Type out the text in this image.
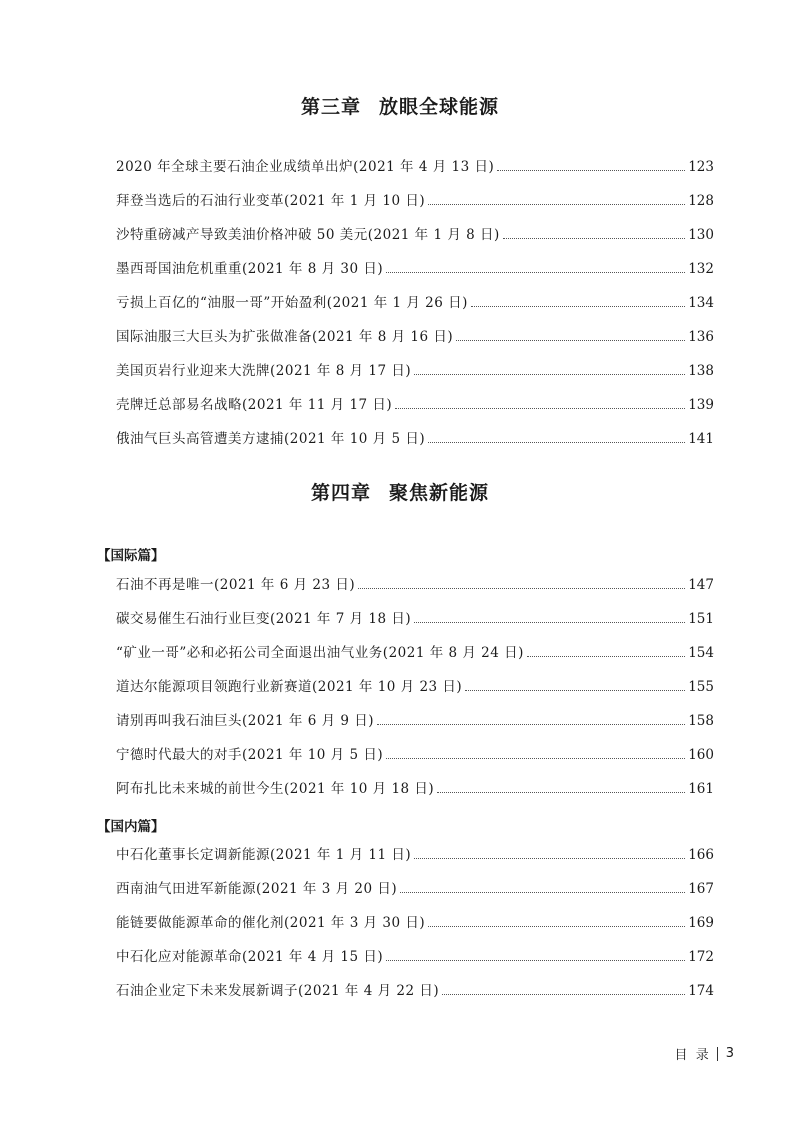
第三章 放眼全球能源
2020 年全球主要石油企业成绩单出炉(2021 年 4 月 13 日)	123
拜登当选后的石油行业变革(2021 年 1 月 10 日)	128
沙特重磅减产导致美油价格冲破 50 美元(2021 年 1 月 8 日)	130
墨西哥国油危机重重(2021 年 8 月 30 日)	132
亏损上百亿的“油服一哥”开始盈利(2021 年 1 月 26 日)	134
国际油服三大巨头为扩张做准备(2021 年 8 月 16 日)	136
美国页岩行业迎来大洗牌(2021 年 8 月 17 日)	138
壳牌迁总部易名战略(2021 年 11 月 17 日)	139
俄油气巨头高管遭美方逮捕(2021 年 10 月 5 日)	141
第四章 聚焦新能源
【国际篇】
石油不再是唯一(2021 年 6 月 23 日)	147
碳交易催生石油行业巨变(2021 年 7 月 18 日)	151
“矿业一哥”必和必拓公司全面退出油气业务(2021 年 8 月 24 日)	154
道达尔能源项目领跑行业新赛道(2021 年 10 月 23 日)	155
请别再叫我石油巨头(2021 年 6 月 9 日)	158
宁德时代最大的对手(2021 年 10 月 5 日)	160
阿布扎比未来城的前世今生(2021 年 10 月 18 日)	161
【国内篇】
中石化董事长定调新能源(2021 年 1 月 11 日)	166
西南油气田进军新能源(2021 年 3 月 20 日)	167
能链要做能源革命的催化剂(2021 年 3 月 30 日)	169
中石化应对能源革命(2021 年 4 月 15 日)	172
石油企业定下未来发展新调子(2021 年 4 月 22 日)	174
目  录 3
